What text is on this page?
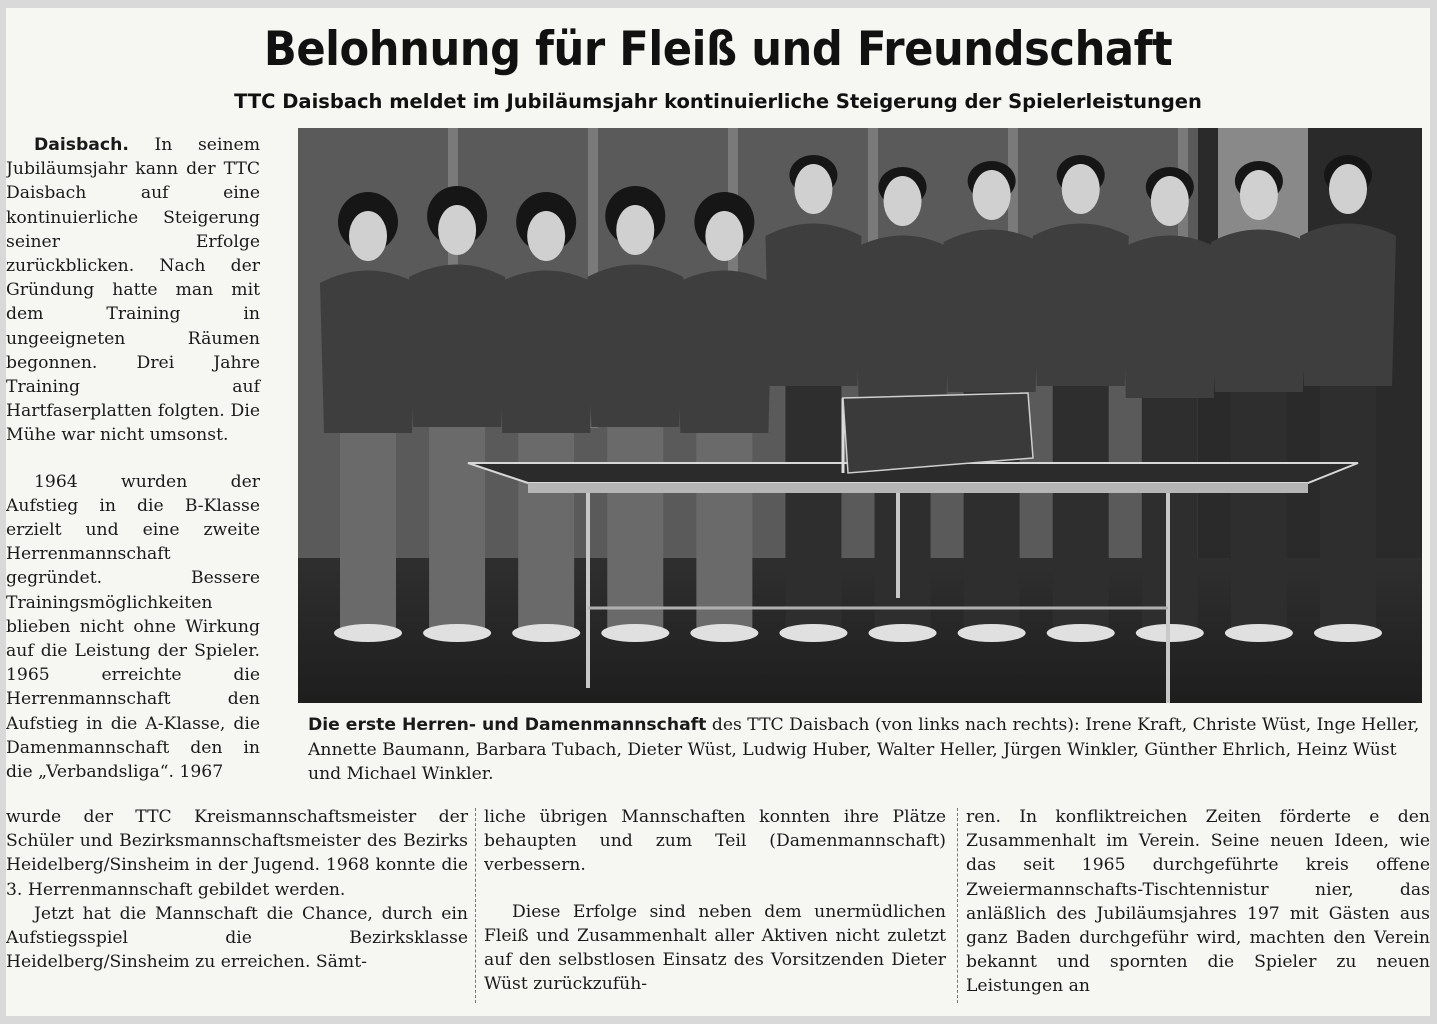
Belohnung für Fleiß und Freundschaft
TTC Daisbach meldet im Jubiläumsjahr kontinuierliche Steigerung der Spielerleistungen

Daisbach. In seinem Jubiläumsjahr kann der TTC Daisbach auf eine kontinuierliche Steigerung seiner Erfolge zurückblicken. Nach der Gründung hatte man mit dem Training in ungeeigneten Räumen begonnen. Drei Jahre Training auf Hartfaserplatten folgten. Die Mühe war nicht umsonst.

1964 wurden der Aufstieg in die B-Klasse erzielt und eine zweite Herrenmannschaft gegründet. Bessere Trainingsmöglichkeiten blieben nicht ohne Wirkung auf die Leistung der Spieler. 1965 erreichte die Herrenmannschaft den Aufstieg in die A-Klasse, die Damenmannschaft den in die „Verbandsliga“. 1967

wurde der TTC Kreismannschaftsmeister der Schüler und Bezirksmannschaftsmeister des Bezirks Heidelberg/Sinsheim in der Jugend. 1968 konnte die 3. Herrenmannschaft gebildet werden.

Jetzt hat die Mannschaft die Chance, durch ein Aufstiegsspiel die Bezirksklasse Heidelberg/Sinsheim zu erreichen. Sämt-

liche übrigen Mannschaften konnten ihre Plätze behaupten und zum Teil (Damenmannschaft) verbessern.

Diese Erfolge sind neben dem unermüdlichen Fleiß und Zusammenhalt aller Aktiven nicht zuletzt auf den selbstlosen Einsatz des Vorsitzenden Dieter Wüst zurückzufüh-

ren. In konfliktreichen Zeiten förderte e den Zusammenhalt im Verein. Seine neuen Ideen, wie das seit 1965 durchgeführte kreis offene Zweiermannschafts-Tischtennistur nier, das anläßlich des Jubiläumsjahres 197 mit Gästen aus ganz Baden durchgeführ wird, machten den Verein bekannt und spornten die Spieler zu neuen Leistungen an

Die erste Herren- und Damenmannschaft des TTC Daisbach (von links nach rechts): Irene Kraft, Christe Wüst, Inge Heller, Annette Baumann, Barbara Tubach, Dieter Wüst, Ludwig Huber, Walter Heller, Jürgen Winkler, Günther Ehrlich, Heinz Wüst und Michael Winkler.
